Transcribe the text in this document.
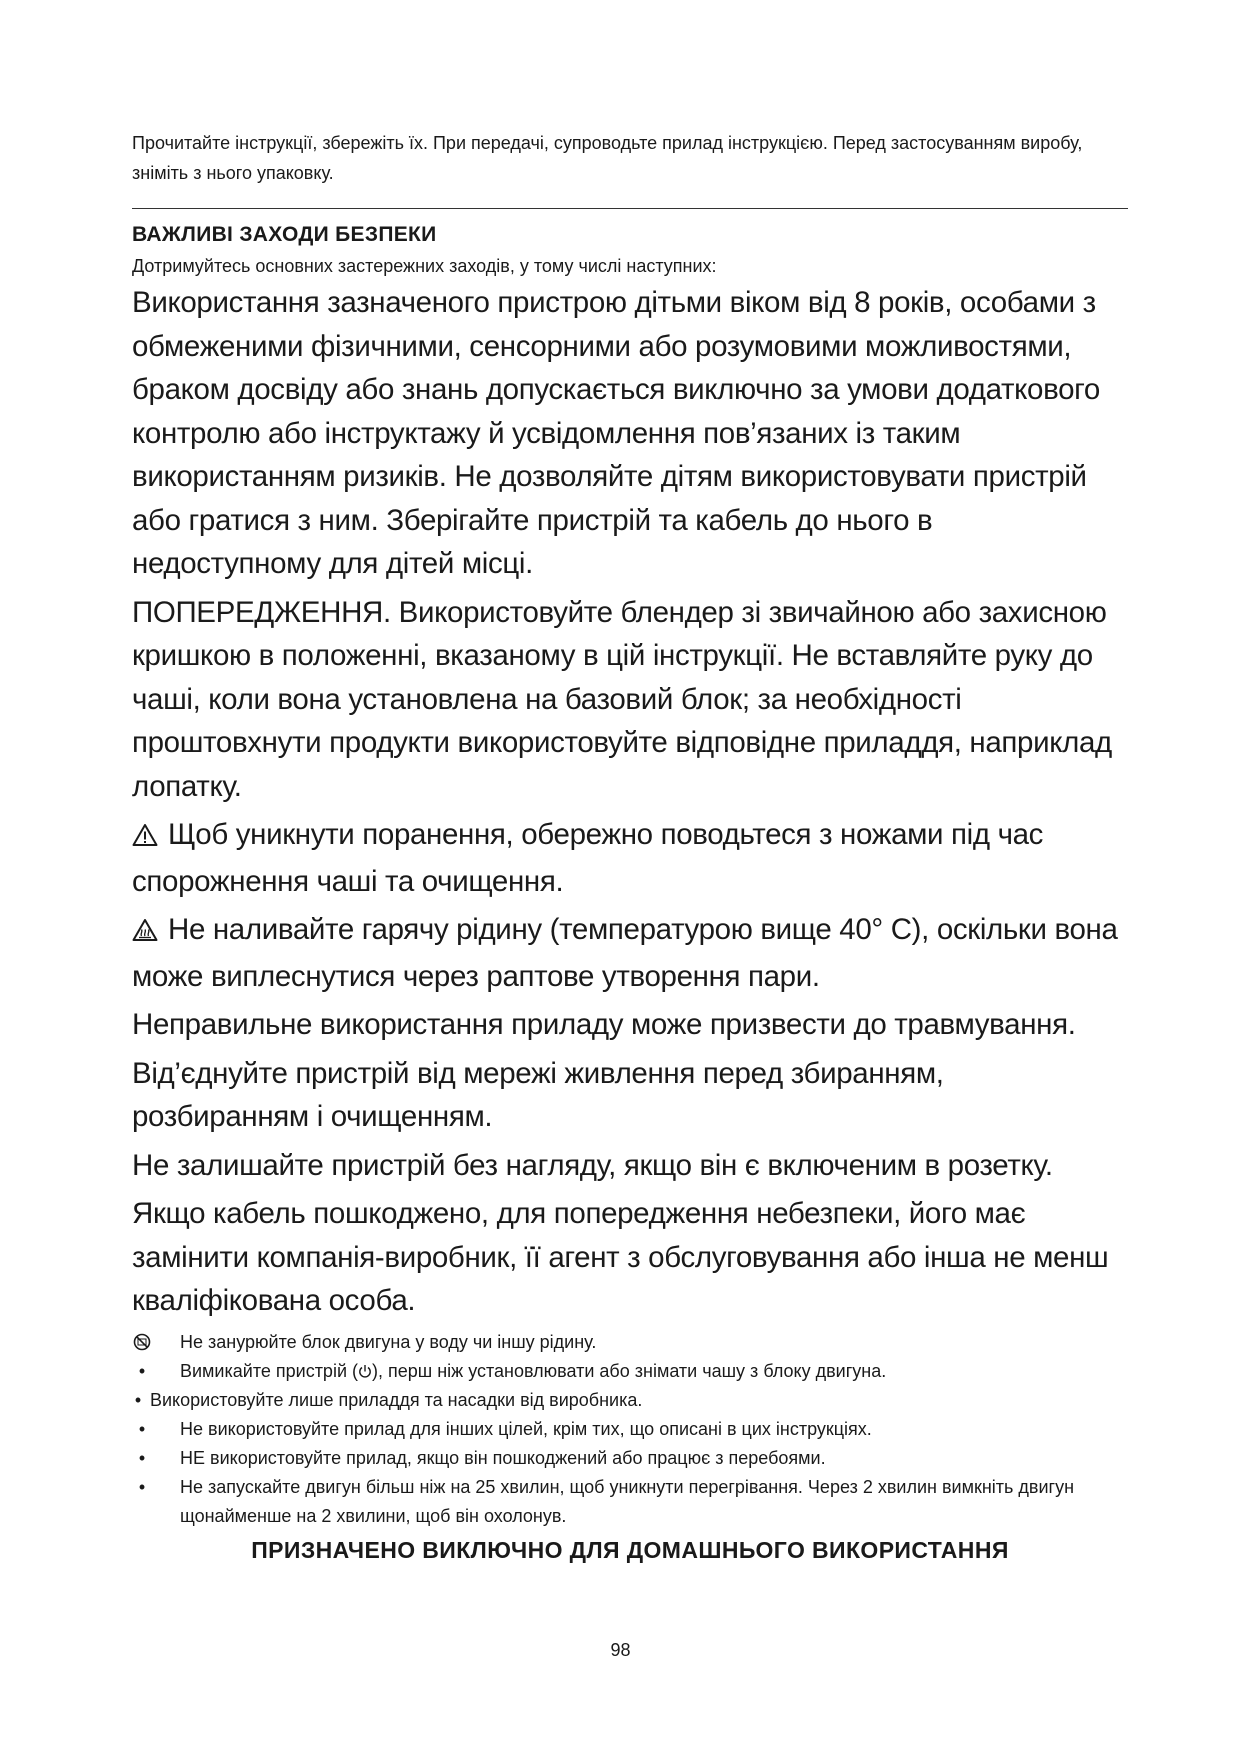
Прочитайте інструкції, збережіть їх. При передачі, супроводьте прилад інструкцією. Перед застосуванням виробу, зніміть з нього упаковку.

ВАЖЛИВІ ЗАХОДИ БЕЗПЕКИ

Дотримуйтесь основних застережних заходів, у тому числі наступних:

Використання зазначеного пристрою дітьми віком від 8 років, особами з обмеженими фізичними, сенсорними або розумовими можливостями, браком досвіду або знань допускається виключно за умови додаткового контролю або інструктажу й усвідомлення пов’язаних із таким використанням ризиків. Не дозволяйте дітям використовувати пристрій або гратися з ним. Зберігайте пристрій та кабель до нього в недоступному для дітей місці.

ПОПЕРЕДЖЕННЯ. Використовуйте блендер зі звичайною або захисною кришкою в положенні, вказаному в цій інструкції. Не вставляйте руку до чаші, коли вона установлена на базовий блок; за необхідності проштовхнути продукти використовуйте відповідне приладдя, наприклад лопатку.

Щоб уникнути поранення, обережно поводьтеся з ножами під час спорожнення чаші та очищення.

Не наливайте гарячу рідину (температурою вище 40° C), оскільки вона може виплеснутися через раптове утворення пари.

Неправильне використання приладу може призвести до травмування.

Від’єднуйте пристрій від мережі живлення перед збиранням, розбиранням і очищенням.

Не залишайте пристрій без нагляду, якщо він є включеним в розетку.

Якщо кабель пошкоджено, для попередження небезпеки, його має замінити компанія-виробник, її агент з обслуговування або інша не менш кваліфікована особа.

Не занурюйте блок двигуна у воду чи іншу рідину.
•	Вимикайте пристрій ( ), перш ніж установлювати або знімати чашу з блоку двигуна.
• Використовуйте лише приладдя та насадки від виробника.
•	Не використовуйте прилад для інших цілей, крім тих, що описані в цих інструкціях.
•	НЕ використовуйте прилад, якщо він пошкоджений або працює з перебоями.
•	Не запускайте двигун більш ніж на 25 хвилин, щоб уникнути перегрівання. Через 2 хвилин вимкніть двигун щонайменше на 2 хвилини, щоб він охолонув.

ПРИЗНАЧЕНО ВИКЛЮЧНО ДЛЯ ДОМАШНЬОГО ВИКОРИСТАННЯ

98
